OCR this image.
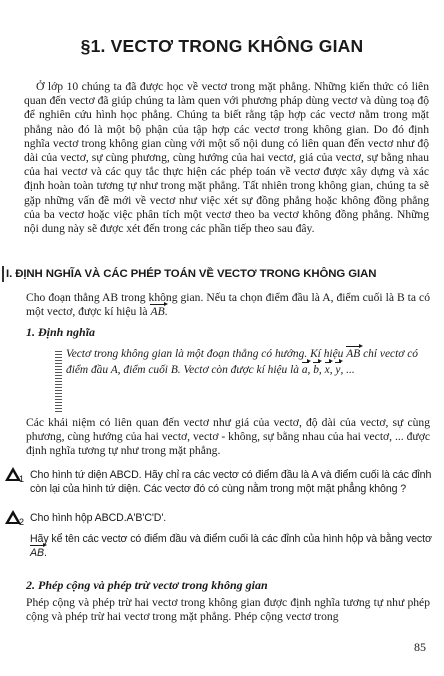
§1. VECTƠ TRONG KHÔNG GIAN

Ở lớp 10 chúng ta đã được học về vectơ trong mặt phẳng. Những kiến thức có liên quan đến vectơ đã giúp chúng ta làm quen với phương pháp dùng vectơ và dùng toạ độ để nghiên cứu hình học phẳng. Chúng ta biết rằng tập hợp các vectơ nằm trong mặt phẳng nào đó là một bộ phận của tập hợp các vectơ trong không gian. Do đó định nghĩa vectơ trong không gian cùng với một số nội dung có liên quan đến vectơ như độ dài của vectơ, sự cùng phương, cùng hướng của hai vectơ, giá của vectơ, sự bằng nhau của hai vectơ và các quy tắc thực hiện các phép toán về vectơ được xây dựng và xác định hoàn toàn tương tự như trong mặt phẳng. Tất nhiên trong không gian, chúng ta sẽ gặp những vấn đề mới về vectơ như việc xét sự đồng phẳng hoặc không đồng phẳng của ba vectơ hoặc việc phân tích một vectơ theo ba vectơ không đồng phẳng. Những nội dung này sẽ được xét đến trong các phần tiếp theo sau đây.

I. ĐỊNH NGHĨA VÀ CÁC PHÉP TOÁN VỀ VECTƠ TRONG KHÔNG GIAN

Cho đoạn thẳng AB trong không gian. Nếu ta chọn điểm đầu là A, điểm cuối là B ta có một vectơ, được kí hiệu là AB.

1. Định nghĩa

Vectơ trong không gian là một đoạn thẳng có hướng. Kí hiệu AB chỉ vectơ có điểm đầu A, điểm cuối B. Vectơ còn được kí hiệu là a, b, x, y, ...

Các khái niệm có liên quan đến vectơ như giá của vectơ, độ dài của vectơ, sự cùng phương, cùng hướng của hai vectơ, vectơ - không, sự bằng nhau của hai vectơ, ... được định nghĩa tương tự như trong mặt phẳng.

1 Cho hình tứ diện ABCD. Hãy chỉ ra các vectơ có điểm đầu là A và điểm cuối là các đỉnh còn lại của hình tứ diện. Các vectơ đó có cùng nằm trong một mặt phẳng không ?

2 Cho hình hộp ABCD.A'B'C'D'.

Hãy kể tên các vectơ có điểm đầu và điểm cuối là các đỉnh của hình hộp và bằng vectơ AB.

2. Phép cộng và phép trừ vectơ trong không gian

Phép cộng và phép trừ hai vectơ trong không gian được định nghĩa tương tự như phép cộng và phép trừ hai vectơ trong mặt phẳng. Phép cộng vectơ trong

85
